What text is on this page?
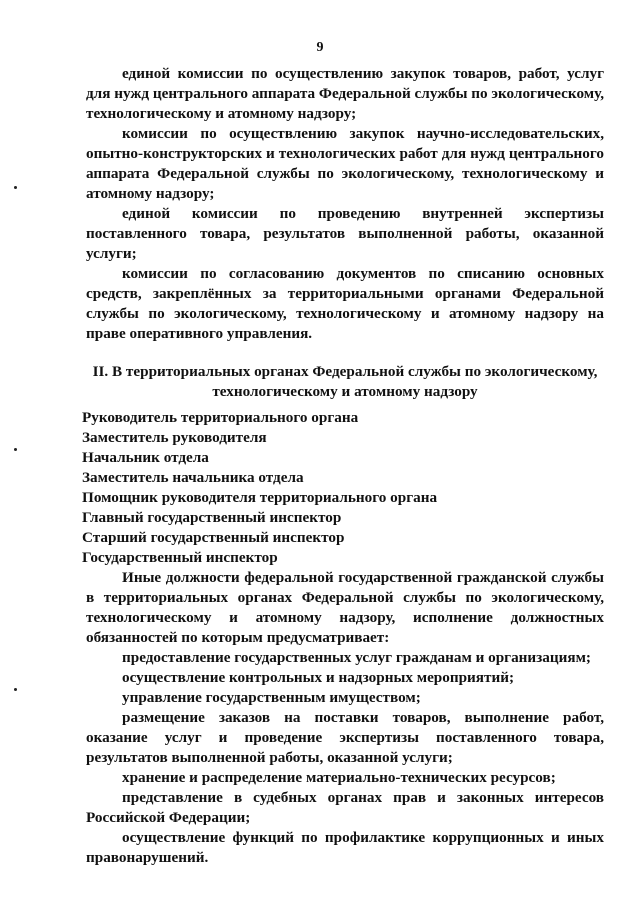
9

единой комиссии по осуществлению закупок товаров, работ, услуг для нужд центрального аппарата Федеральной службы по экологическому, технологическому и атомному надзору;

комиссии по осуществлению закупок научно-исследовательских, опытно-конструкторских и технологических работ для нужд центрального аппарата Федеральной службы по экологическому, технологическому и атомному надзору;

единой комиссии по проведению внутренней экспертизы поставленного товара, результатов выполненной работы, оказанной услуги;

комиссии по согласованию документов по списанию основных средств, закреплённых за территориальными органами Федеральной службы по экологическому, технологическому и атомному надзору на праве оперативного управления.

II. В территориальных органах Федеральной службы по экологическому, технологическому и атомному надзору

Руководитель территориального органа

Заместитель руководителя

Начальник отдела

Заместитель начальника отдела

Помощник руководителя территориального органа

Главный государственный инспектор

Старший государственный инспектор

Государственный инспектор

Иные должности федеральной государственной гражданской службы в территориальных органах Федеральной службы по экологическому, технологическому и атомному надзору, исполнение должностных обязанностей по которым предусматривает:

предоставление государственных услуг гражданам и организациям;

осуществление контрольных и надзорных мероприятий;

управление государственным имуществом;

размещение заказов на поставки товаров, выполнение работ, оказание услуг и проведение экспертизы поставленного товара, результатов выполненной работы, оказанной услуги;

хранение и распределение материально-технических ресурсов;

представление в судебных органах прав и законных интересов Российской Федерации;

осуществление функций по профилактике коррупционных и иных правонарушений.
